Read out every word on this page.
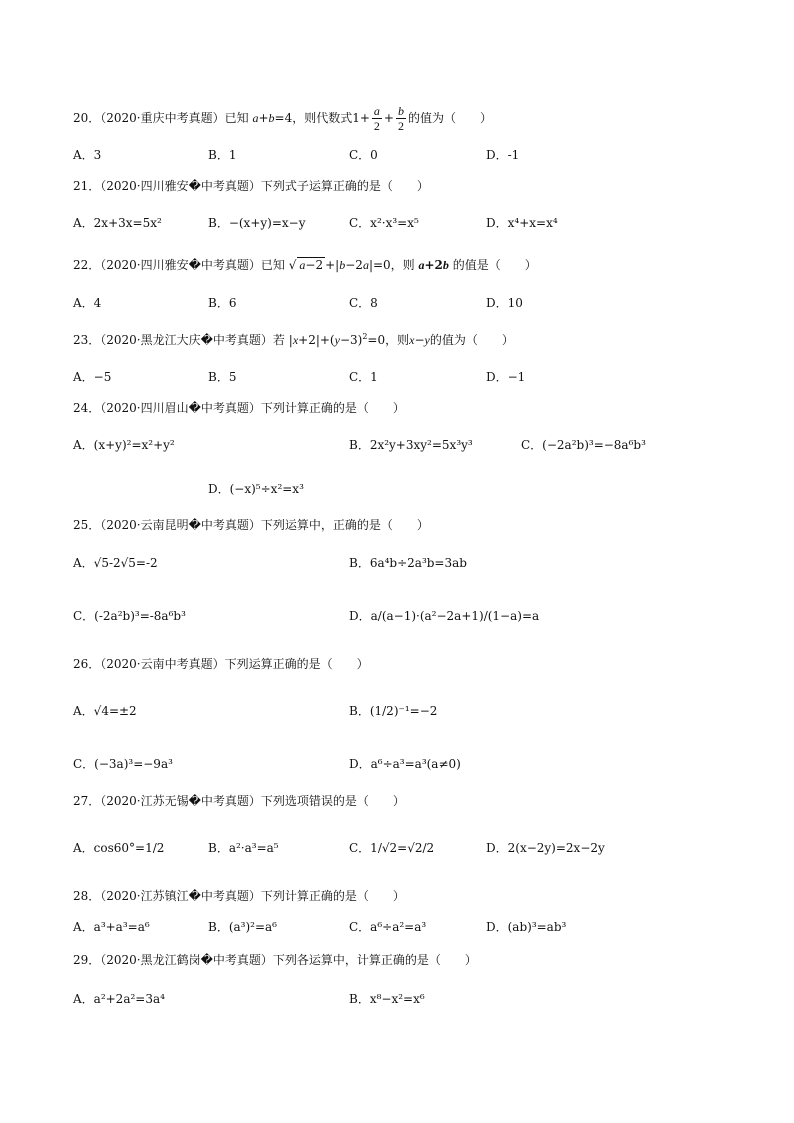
20．（2020·重庆中考真题）已知 a+b=4，则代数式$1+ \frac{a}{2} + \frac{b}{2}$ 的值为（　　）
A．3	B．1	C．0	D．-1
21．（2020·四川雅安�中考真题）下列式子运算正确的是（　　）
A．2x+3x=5x²	B．−(x+y)=x−y	C．x²·x³=x⁵	D．x⁴+x=x⁴
22．（2020·四川雅安�中考真题）已知 √ a−2 +|b−2a|=0，则 a+2b 的值是（　　）
A．4	B．6	C．8	D．10
23．（2020·黑龙江大庆�中考真题）若 $|x+2|+(y-3)^2=0$，则x−y的值为（　　）
A．−5	B．5	C．1	D．−1
24．（2020·四川眉山�中考真题）下列计算正确的是（　　）
A．(x+y)²=x²+y²	B．2x²y+3xy²=5x³y³	C．(−2a²b)³=−8a⁶b³
D．(−x)⁵÷x²=x³
25．（2020·云南昆明�中考真题）下列运算中，正确的是（　　）
A．√5-2√5=-2	B．6a⁴b÷2a³b=3ab
C．(-2a²b)³=-8a⁶b³	D．a/(a−1)·(a²−2a+1)/(1−a)=a
26．（2020·云南中考真题）下列运算正确的是（　　）
A．√4=±2	B．(1/2)⁻¹=−2
C．(−3a)³=−9a³	D．a⁶÷a³=a³(a≠0)
27．（2020·江苏无锡�中考真题）下列选项错误的是（　　）
A．cos60°=1/2	B．a²·a³=a⁵	C．1/√2=√2/2	D．2(x−2y)=2x−2y
28．（2020·江苏镇江�中考真题）下列计算正确的是（　　）
A．a³+a³=a⁶	B．(a³)²=a⁶	C．a⁶÷a²=a³	D．(ab)³=ab³
29．（2020·黑龙江鹤岗�中考真题）下列各运算中，计算正确的是（　　）
A．a²+2a²=3a⁴	B．x⁸−x²=x⁶
